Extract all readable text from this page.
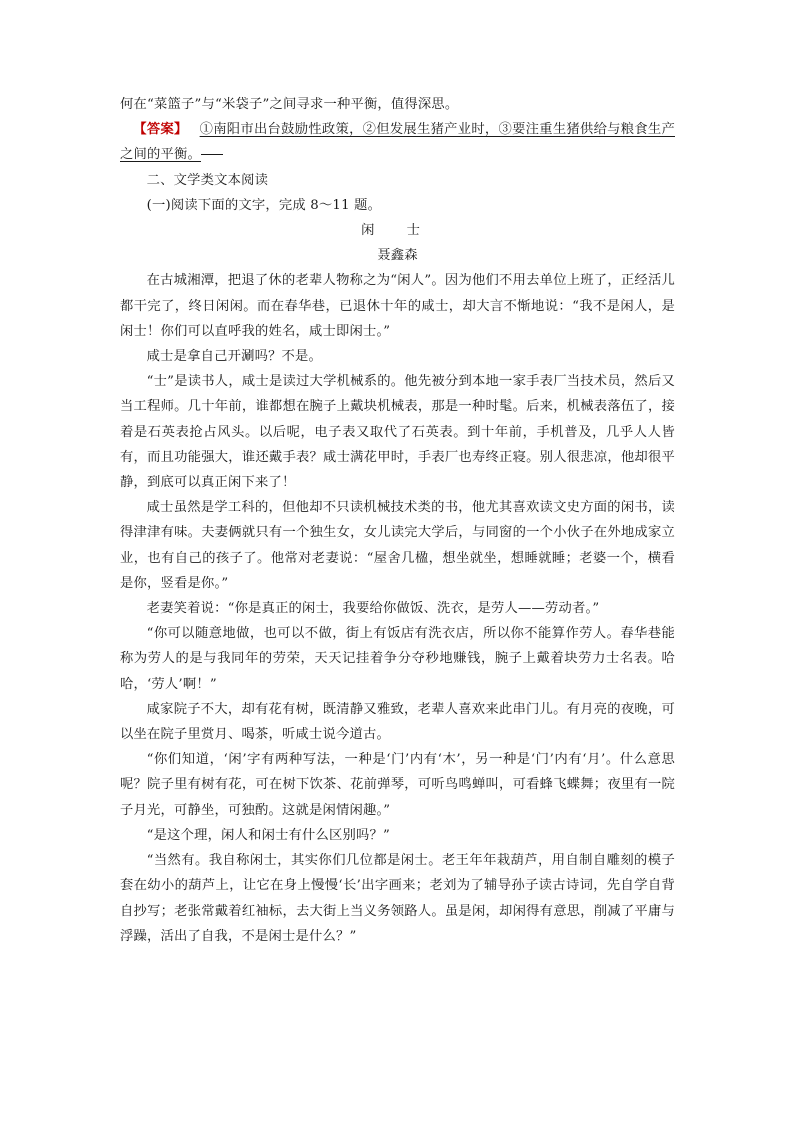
何在“菜篮子”与“米袋子”之间寻求一种平衡，值得深思。

【答案】 ①南阳市出台鼓励性政策，②但发展生猪产业时，③要注重生猪供给与粮食生产之间的平衡。

二、文学类文本阅读

(一)阅读下面的文字，完成 8～11 题。

闲 士

聂鑫森

在古城湘潭，把退了休的老辈人物称之为“闲人”。因为他们不用去单位上班了，正经活儿都干完了，终日闲闲。而在春华巷，已退休十年的咸士，却大言不惭地说：“我不是闲人，是闲士！你们可以直呼我的姓名，咸士即闲士。”

咸士是拿自己开涮吗？不是。

“士”是读书人，咸士是读过大学机械系的。他先被分到本地一家手表厂当技术员，然后又当工程师。几十年前，谁都想在腕子上戴块机械表，那是一种时髦。后来，机械表落伍了，接着是石英表抢占风头。以后呢，电子表又取代了石英表。到十年前，手机普及，几乎人人皆有，而且功能强大，谁还戴手表？咸士满花甲时，手表厂也寿终正寝。别人很悲凉，他却很平静，到底可以真正闲下来了！

咸士虽然是学工科的，但他却不只读机械技术类的书，他尤其喜欢读文史方面的闲书，读得津津有味。夫妻俩就只有一个独生女，女儿读完大学后，与同窗的一个小伙子在外地成家立业，也有自己的孩子了。他常对老妻说：“屋舍几楹，想坐就坐，想睡就睡；老婆一个，横看是你，竖看是你。”

老妻笑着说：“你是真正的闲士，我要给你做饭、洗衣，是劳人——劳动者。”

“你可以随意地做，也可以不做，街上有饭店有洗衣店，所以你不能算作劳人。春华巷能称为劳人的是与我同年的劳荣，天天记挂着争分夺秒地赚钱，腕子上戴着块劳力士名表。哈哈，‘劳人’啊！”

咸家院子不大，却有花有树，既清静又雅致，老辈人喜欢来此串门儿。有月亮的夜晚，可以坐在院子里赏月、喝茶，听咸士说今道古。

“你们知道，‘闲’字有两种写法，一种是‘门’内有‘木’，另一种是‘门’内有‘月’。什么意思呢？院子里有树有花，可在树下饮茶、花前弹琴，可听鸟鸣蝉叫，可看蜂飞蝶舞；夜里有一院子月光，可静坐，可独酌。这就是闲情闲趣。”

“是这个理，闲人和闲士有什么区别吗？”

“当然有。我自称闲士，其实你们几位都是闲士。老王年年栽葫芦，用自制自雕刻的模子套在幼小的葫芦上，让它在身上慢慢‘长’出字画来；老刘为了辅导孙子读古诗词，先自学自背自抄写；老张常戴着红袖标，去大街上当义务领路人。虽是闲，却闲得有意思，削减了平庸与浮躁，活出了自我，不是闲士是什么？”
